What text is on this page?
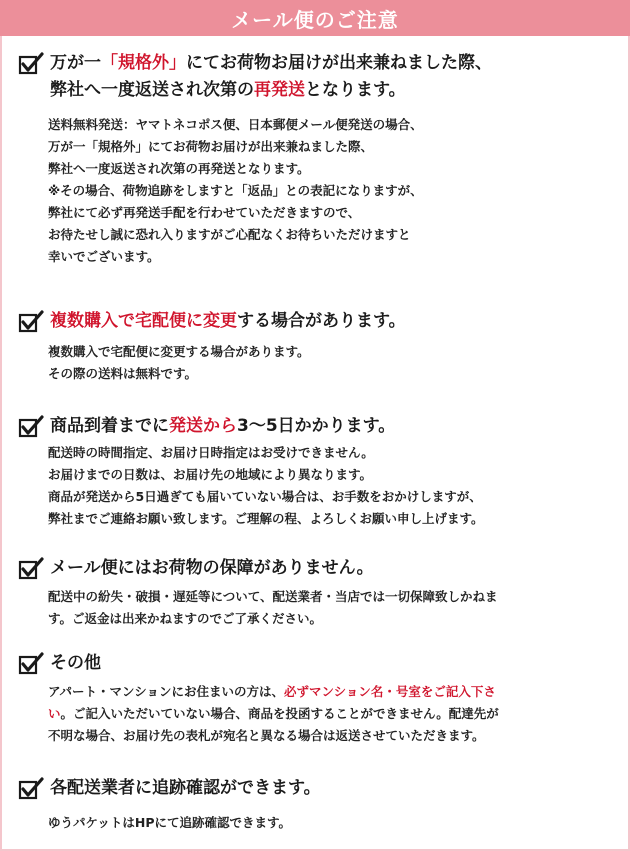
メール便のご注意
万が一「規格外」にてお荷物お届けが出来兼ねました際、
弊社へ一度返送され次第の再発送となります。

送料無料発送：ヤマトネコポス便、日本郵便メール便発送の場合、

万が一「規格外」にてお荷物お届けが出来兼ねました際、

弊社へ一度返送され次第の再発送となります。

※その場合、荷物追跡をしますと「返品」との表記になりますが、

弊社にて必ず再発送手配を行わせていただきますので、

お待たせし誠に恐れ入りますがご心配なくお待ちいただけますと

幸いでございます。

複数購入で宅配便に変更する場合があります。

複数購入で宅配便に変更する場合があります。

その際の送料は無料です。

商品到着までに発送から3〜5日かかります。

配送時の時間指定、お届け日時指定はお受けできません。

お届けまでの日数は、お届け先の地域により異なります。

商品が発送から5日過ぎても届いていない場合は、お手数をおかけしますが、

弊社までご連絡お願い致します。ご理解の程、よろしくお願い申し上げます。

メール便にはお荷物の保障がありません。

配送中の紛失・破損・遅延等について、配送業者・当店では一切保障致しかねま

す。ご返金は出来かねますのでご了承ください。

その他

アパート・マンションにお住まいの方は、必ずマンション名・号室をご記入下さ

い。ご記入いただいていない場合、商品を投函することができません。配達先が

不明な場合、お届け先の表札が宛名と異なる場合は返送させていただきます。

各配送業者に追跡確認ができます。

ゆうパケットはHPにて追跡確認できます。
